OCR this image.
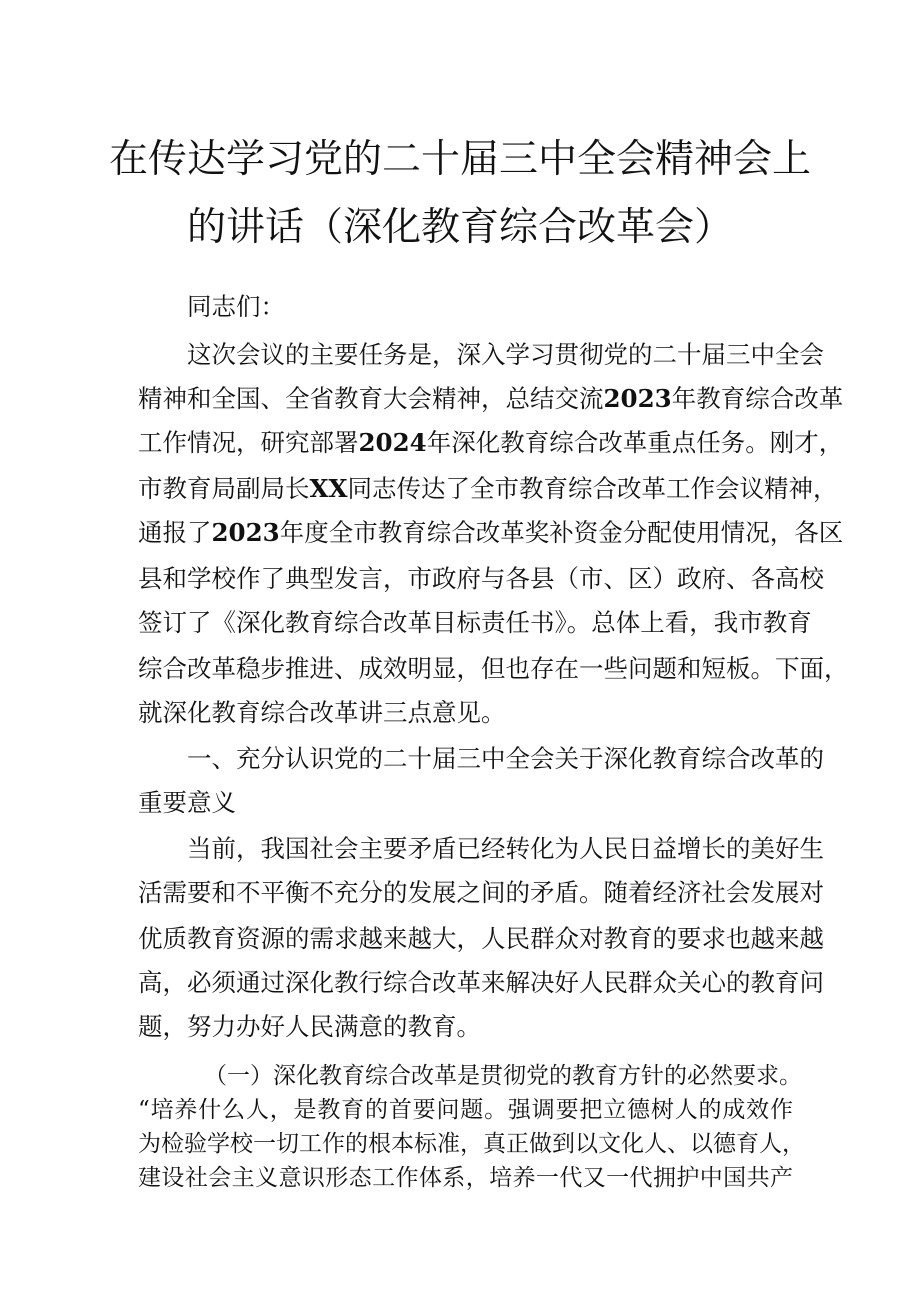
在传达学习党的二十届三中全会精神会上
的讲话（深化教育综合改革会）
同志们：
这次会议的主要任务是，深入学习贯彻党的二十届三中全会
精神和全国、全省教育大会精神，总结交流2023年教育综合改革
工作情况，研究部署2024年深化教育综合改革重点任务。刚才，
市教育局副局长XX同志传达了全市教育综合改革工作会议精神，
通报了2023年度全市教育综合改革奖补资金分配使用情况，各区
县和学校作了典型发言，市政府与各县（市、区）政府、各高校
签订了《深化教育综合改革目标责任书》。总体上看，我市教育
综合改革稳步推进、成效明显，但也存在一些问题和短板。下面，
就深化教育综合改革讲三点意见。
一、充分认识党的二十届三中全会关于深化教育综合改革的
重要意义
当前，我国社会主要矛盾已经转化为人民日益增长的美好生
活需要和不平衡不充分的发展之间的矛盾。随着经济社会发展对
优质教育资源的需求越来越大，人民群众对教育的要求也越来越
高，必须通过深化教行综合改革来解决好人民群众关心的教育问
题，努力办好人民满意的教育。
（一）深化教育综合改革是贯彻党的教育方针的必然要求。
“培养什么人，是教育的首要问题。强调要把立德树人的成效作
为检验学校一切工作的根本标准，真正做到以文化人、以德育人，
建设社会主义意识形态工作体系，培养一代又一代拥护中国共产
